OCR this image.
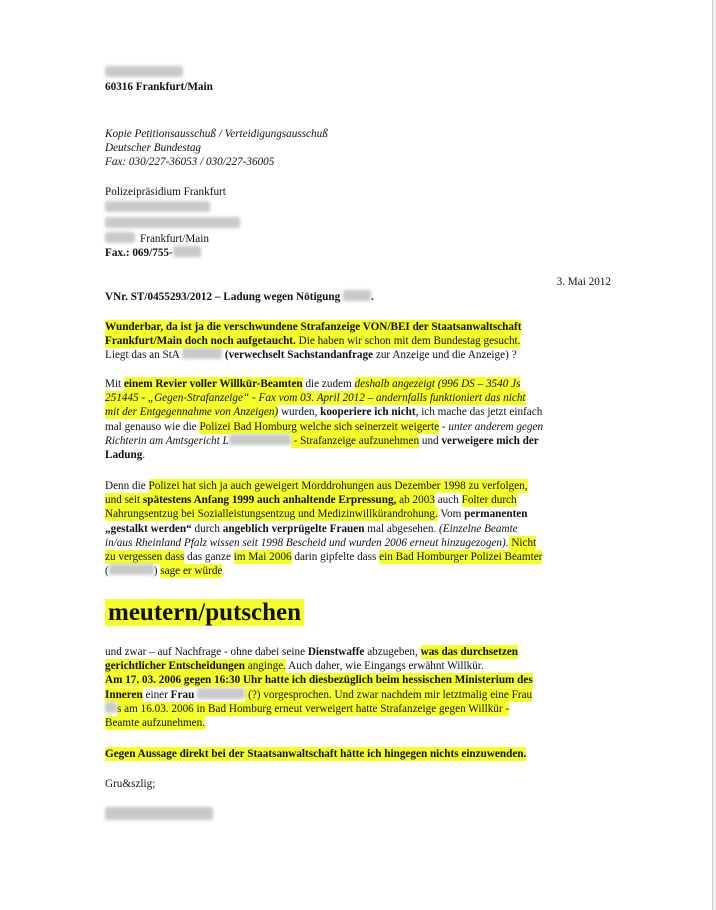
60316 Frankfurt/Main
Kopie Petitionsausschuß / Verteidigungsausschuß
Deutscher Bundestag
Fax: 030/227-36053 / 030/227-36005
Polizeipräsidium Frankfurt
Frankfurt/Main
Fax.: 069/755-
3. Mai 2012
VNr. ST/0455293/2012 – Ladung wegen Nötigung	.
Wunderbar, da ist ja die verschwundene Strafanzeige VON/BEI der Staatsanwaltschaft
Frankfurt/Main doch noch aufgetaucht. Die haben wir schon mit dem Bundestag gesucht.
Liegt das an StA	(verwechselt Sachstandanfrage zur Anzeige und die Anzeige) ?
Mit einem Revier voller Willkür-Beamten die zudem deshalb angezeigt (996 DS – 3540 Js
251445 - „Gegen-Strafanzeige“ - Fax vom 03. April 2012 – andernfalls funktioniert das nicht
mit der Entgegennahme von Anzeigen) wurden, kooperiere ich nicht, ich mache das jetzt einfach
mal genauso wie die Polizei Bad Homburg welche sich seinerzeit weigerte - unter anderem gegen
Richterin am Amtsgericht L	- Strafanzeige aufzunehmen und verweigere mich der
Ladung.
Denn die Polizei hat sich ja auch geweigert Morddrohungen aus Dezember 1998 zu verfolgen,
und seit spätestens Anfang 1999 auch anhaltende Erpressung, ab 2003 auch Folter durch
Nahrungsentzug bei Sozialleistungsentzug und Medizinwillkürandrohung. Vom permanenten
„gestalkt werden“ durch angeblich verprügelte Frauen mal abgesehen. (Einzelne Beamte
in/aus Rheinland Pfalz wissen seit 1998 Bescheid und wurden 2006 erneut hinzugezogen). Nicht
zu vergessen dass das ganze im Mai 2006 darin gipfelte dass ein Bad Homburger Polizei Beamter
(	) sage er würde
meutern/putschen
und zwar – auf Nachfrage - ohne dabei seine Dienstwaffe abzugeben, was das durchsetzen
gerichtlicher Entscheidungen anginge. Auch daher, wie Eingangs erwähnt Willkür.
Am 17. 03. 2006 gegen 16:30 Uhr hatte ich diesbezüglich beim hessischen Ministerium des
Inneren einer Frau	(?) vorgesprochen. Und zwar nachdem mir letztmalig eine Frau
s am 16.03. 2006 in Bad Homburg erneut verweigert hatte Strafanzeige gegen Willkür -
Beamte aufzunehmen.
Gegen Aussage direkt bei der Staatsanwaltschaft hätte ich hingegen nichts einzuwenden.
Gru&szlig;
